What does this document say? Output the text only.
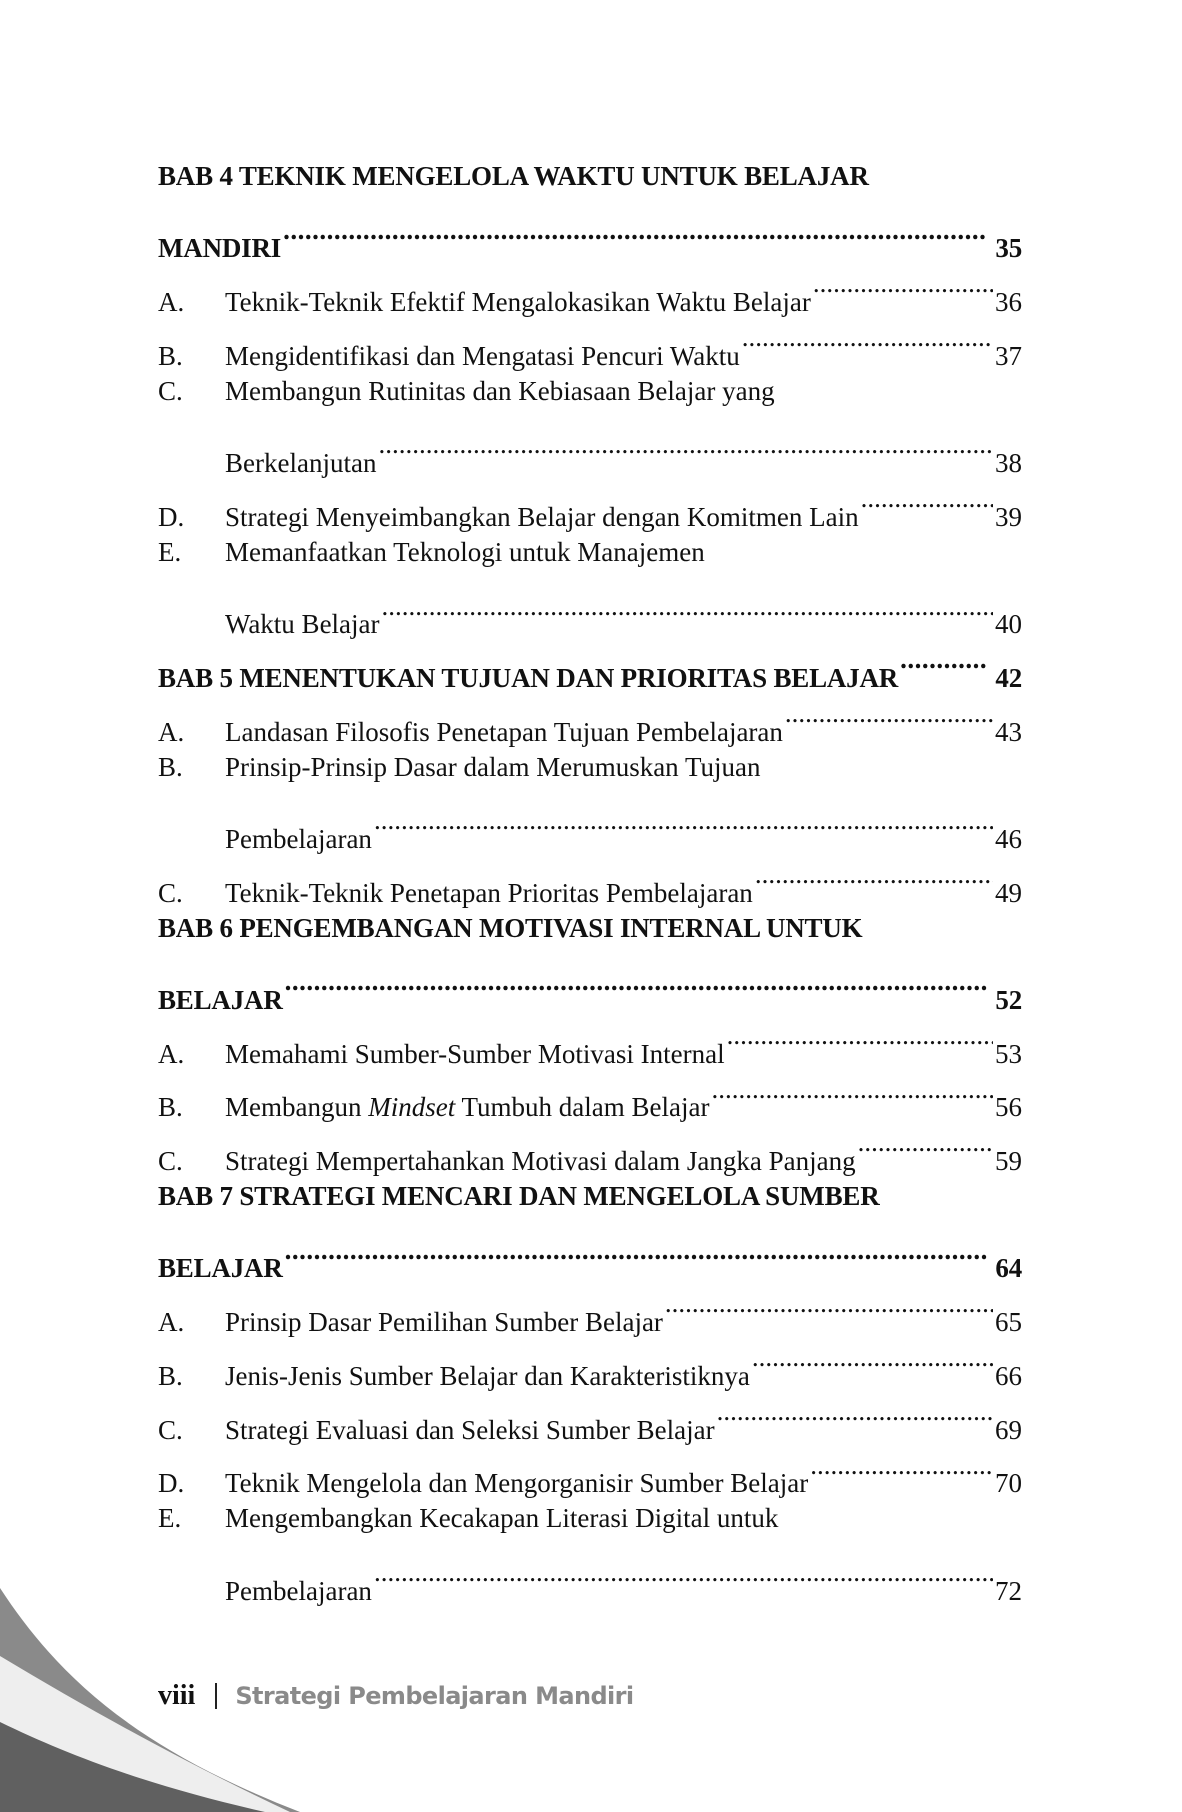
BAB 4 TEKNIK MENGELOLA WAKTU UNTUK BELAJAR
MANDIRI .....	35
A.	Teknik-Teknik Efektif Mengalokasikan Waktu Belajar .....	36
B.	Mengidentifikasi dan Mengatasi Pencuri Waktu .....	37
C.	Membangun Rutinitas dan Kebiasaan Belajar yang
Berkelanjutan .....	38
D.	Strategi Menyeimbangkan Belajar dengan Komitmen Lain .....	39
E.	Memanfaatkan Teknologi untuk Manajemen
Waktu Belajar .....	40
BAB 5 MENENTUKAN TUJUAN DAN PRIORITAS BELAJAR .....	42
A.	Landasan Filosofis Penetapan Tujuan Pembelajaran .....	43
B.	Prinsip-Prinsip Dasar dalam Merumuskan Tujuan
Pembelajaran .....	46
C.	Teknik-Teknik Penetapan Prioritas Pembelajaran .....	49
BAB 6 PENGEMBANGAN MOTIVASI INTERNAL UNTUK
BELAJAR .....	52
A.	Memahami Sumber-Sumber Motivasi Internal .....	53
B.	Membangun Mindset Tumbuh dalam Belajar .....	56
C.	Strategi Mempertahankan Motivasi dalam Jangka Panjang .....	59
BAB 7 STRATEGI MENCARI DAN MENGELOLA SUMBER
BELAJAR .....	64
A.	Prinsip Dasar Pemilihan Sumber Belajar .....	65
B.	Jenis-Jenis Sumber Belajar dan Karakteristiknya .....	66
C.	Strategi Evaluasi dan Seleksi Sumber Belajar .....	69
D.	Teknik Mengelola dan Mengorganisir Sumber Belajar .....	70
E.	Mengembangkan Kecakapan Literasi Digital untuk
Pembelajaran .....	72
viii Strategi Pembelajaran Mandiri
